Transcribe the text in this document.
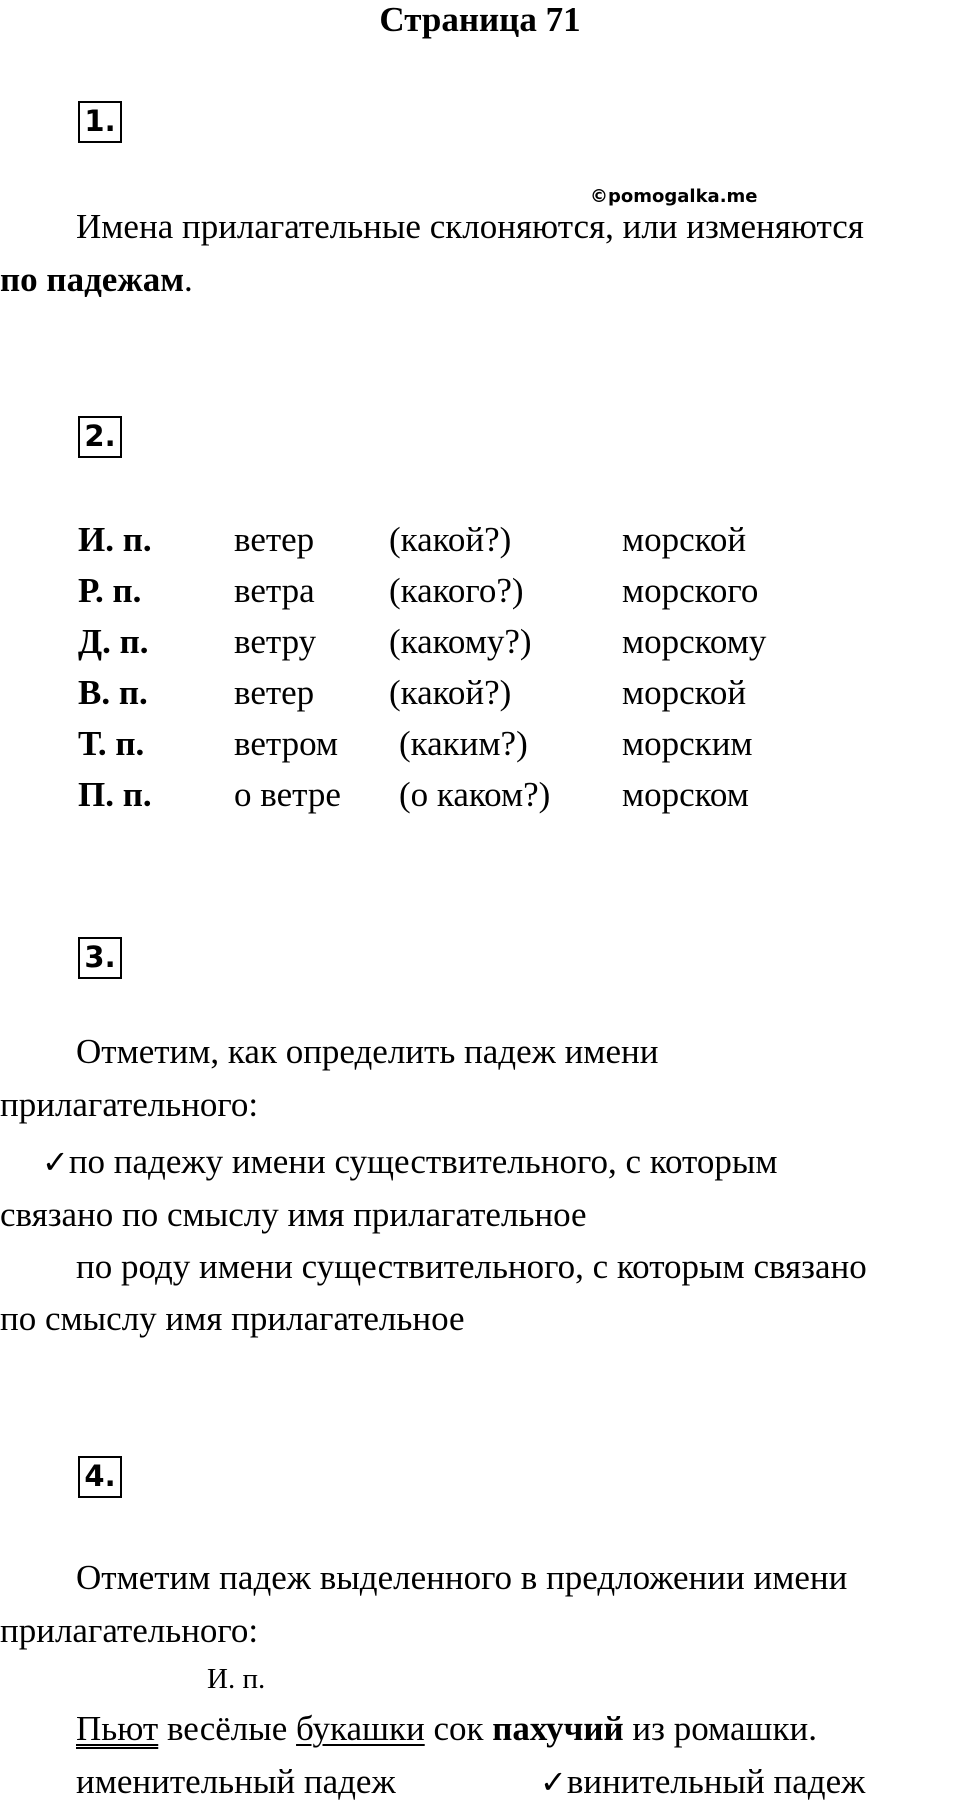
Страница 71
1.
©pomogalka.me
Имена прилагательные склоняются, или изменяются
по падежам.
2.
И. п. ветер (какой?)	морской
Р. п.	ветра (какого?)	морского
Д. п. ветру (какому?)	морскому
В. п. ветер (какой?)	морской
Т. п.	ветром (каким?)	морским
П. п. о ветре (о каком?) морском
3.
Отметим, как определить падеж имени
прилагательного:
✓по падежу имени существительного, с которым
связано по смыслу имя прилагательное
по роду имени существительного, с которым связано
по смыслу имя прилагательное
4.
Отметим падеж выделенного в предложении имени
прилагательного:
И. п.
Пьют весёлые букашки сок пахучий из ромашки.
именительный падеж	✓винительный падеж
